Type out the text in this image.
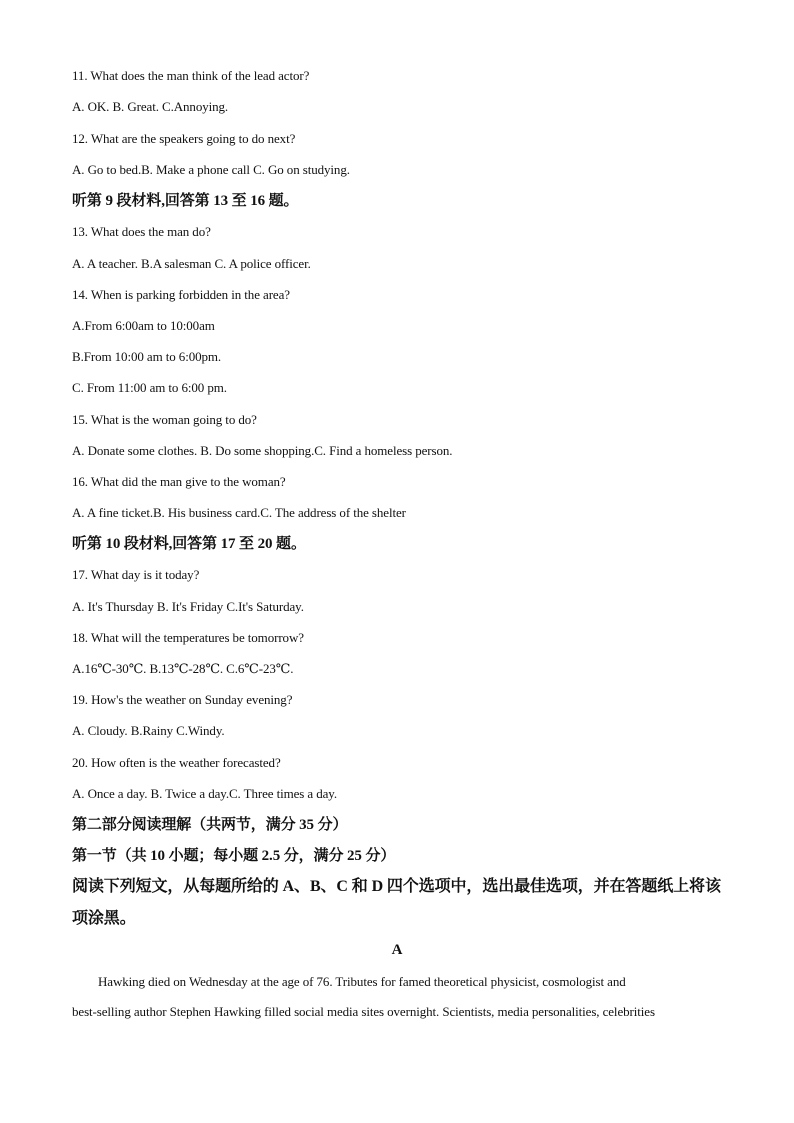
11. What does the man think of the lead actor?
A. OK. B. Great. C.Annoying.
12. What are the speakers going to do next?
A. Go to bed.B. Make a phone call C. Go on studying.
听第 9 段材料,回答第 13 至 16 题。
13. What does the man do?
A. A teacher. B.A salesman C. A police officer.
14. When is parking forbidden in the area?
A.From 6:00am to 10:00am
B.From 10:00 am to 6:00pm.
C. From 11:00 am to 6:00 pm.
15. What is the woman going to do?
A. Donate some clothes. B. Do some shopping.C. Find a homeless person.
16. What did the man give to the woman?
A. A fine ticket.B. His business card.C. The address of the shelter
听第 10 段材料,回答第 17 至 20 题。
17. What day is it today?
A. It's Thursday B. It's Friday C.It's Saturday.
18. What will the temperatures be tomorrow?
A.16℃-30℃. B.13℃-28℃. C.6℃-23℃.
19. How's the weather on Sunday evening?
A. Cloudy. B.Rainy C.Windy.
20. How often is the weather forecasted?
A. Once a day. B. Twice a day.C. Three times a day.
第二部分阅读理解（共两节，满分 35 分）
第一节（共 10 小题；每小题 2.5 分，满分 25 分）
阅读下列短文，从每题所给的 A、B、C 和 D 四个选项中，选出最佳选项，并在答题纸上将该
项涂黑。
A
Hawking died on Wednesday at the age of 76. Tributes for famed theoretical physicist, cosmologist and
best-selling author Stephen Hawking filled social media sites overnight. Scientists, media personalities, celebrities
